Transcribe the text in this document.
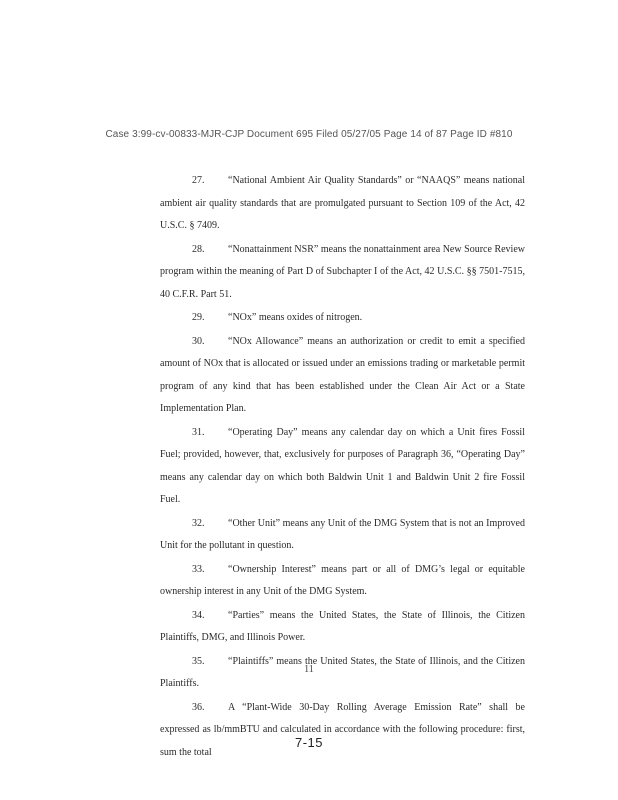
Case 3:99-cv-00833-MJR-CJP Document 695 Filed 05/27/05 Page 14 of 87 Page ID #810

27. “National Ambient Air Quality Standards” or “NAAQS” means national ambient air quality standards that are promulgated pursuant to Section 109 of the Act, 42 U.S.C. § 7409.

28. “Nonattainment NSR” means the nonattainment area New Source Review program within the meaning of Part D of Subchapter I of the Act, 42 U.S.C. §§ 7501-7515, 40 C.F.R. Part 51.

29. “NOx” means oxides of nitrogen.

30. “NOx Allowance” means an authorization or credit to emit a specified amount of NOx that is allocated or issued under an emissions trading or marketable permit program of any kind that has been established under the Clean Air Act or a State Implementation Plan.

31. “Operating Day” means any calendar day on which a Unit fires Fossil Fuel; provided, however, that, exclusively for purposes of Paragraph 36, “Operating Day” means any calendar day on which both Baldwin Unit 1 and Baldwin Unit 2 fire Fossil Fuel.

32. “Other Unit” means any Unit of the DMG System that is not an Improved Unit for the pollutant in question.

33. “Ownership Interest” means part or all of DMG’s legal or equitable ownership interest in any Unit of the DMG System.

34. “Parties” means the United States, the State of Illinois, the Citizen Plaintiffs, DMG, and Illinois Power.

35. “Plaintiffs” means the United States, the State of Illinois, and the Citizen Plaintiffs.

36. A “Plant-Wide 30-Day Rolling Average Emission Rate” shall be expressed as lb/mmBTU and calculated in accordance with the following procedure: first, sum the total

11
7-15
